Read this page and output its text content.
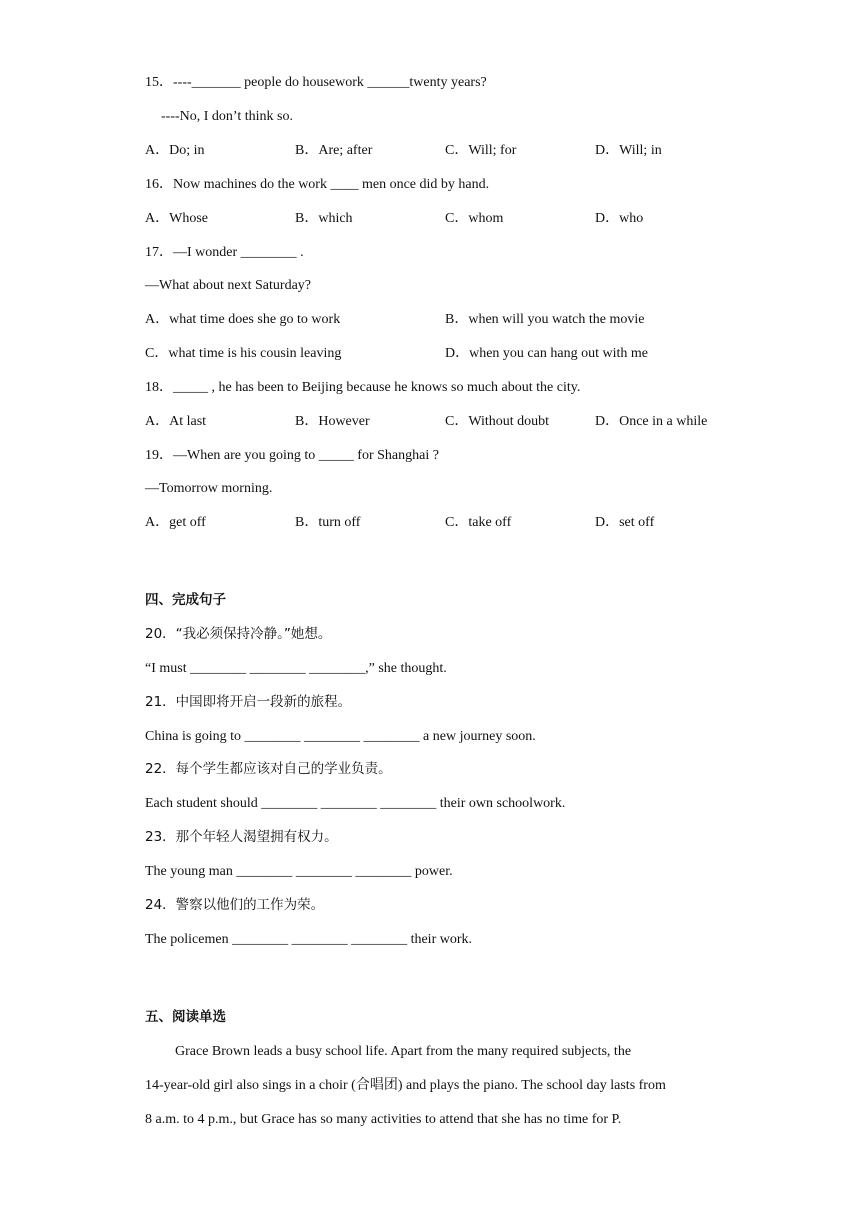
15．----_______ people do housework ______twenty years?
----No, I don’t think so.
A．Do; in	B．Are; after	C．Will; for	D．Will; in
16．Now machines do the work ____ men once did by hand.
A．Whose	B．which	C．whom	D．who
17．—I wonder ________ .
—What about next Saturday?
A．what time does she go to work	B．when will you watch the movie
C．what time is his cousin leaving	D．when you can hang out with me
18．_____ , he has been to Beijing because he knows so much about the city.
A．At last	B．However	C．Without doubt	D．Once in a while
19．—When are you going to _____ for Shanghai ?
—Tomorrow morning.
A．get off	B．turn off	C．take off	D．set off
四、完成句子
20．“我必须保持冷静。”她想。
“I must ________ ________ ________,” she thought.
21．中国即将开启一段新的旅程。
China is going to ________ ________ ________ a new journey soon.
22．每个学生都应该对自己的学业负责。
Each student should ________ ________ ________ their own schoolwork.
23．那个年轻人渴望拥有权力。
The young man ________ ________ ________ power.
24．警察以他们的工作为荣。
The policemen ________ ________ ________ their work.
五、阅读单选
Grace Brown leads a busy school life. Apart from the many required subjects, the
14-year-old girl also sings in a choir (合唱团) and plays the piano. The school day lasts from
8 a.m. to 4 p.m., but Grace has so many activities to attend that she has no time for P.
